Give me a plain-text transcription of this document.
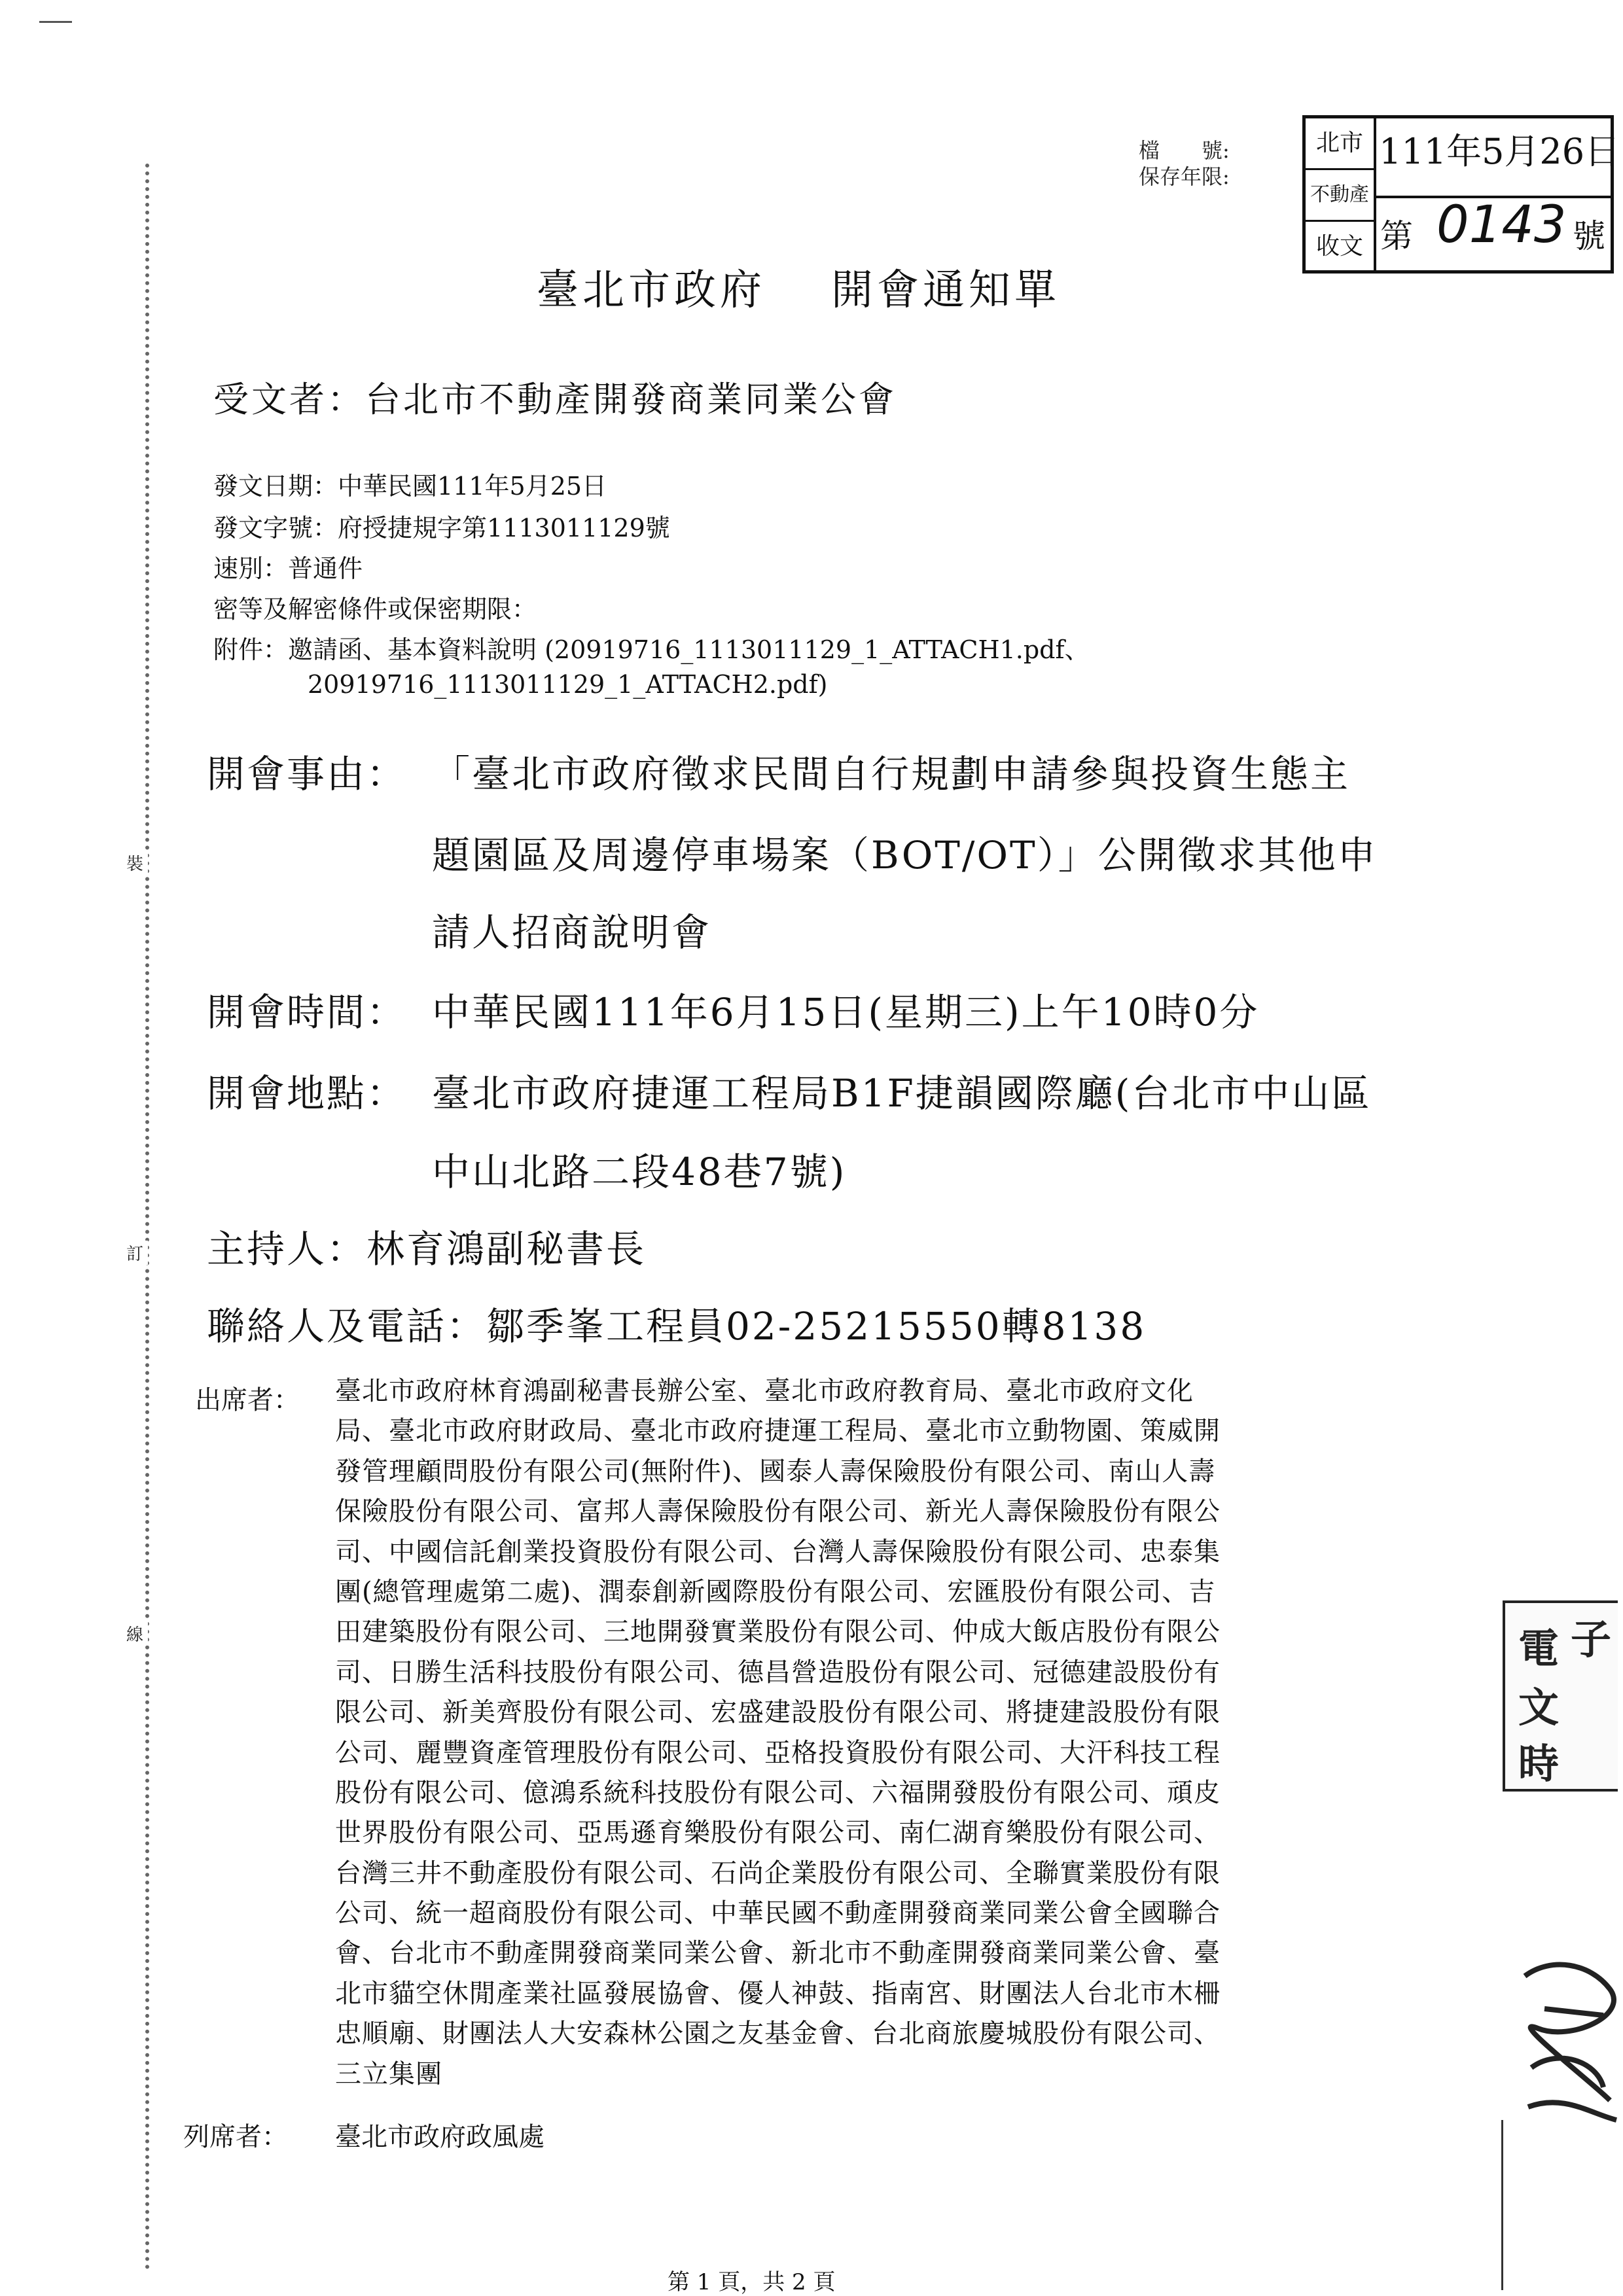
裝
訂
線
檔　　號:
保存年限:
北市
不動產
收文
111年5月26日
第 0143 號
臺北市政府 開會通知單
受文者：台北市不動產開發商業同業公會
發文日期：中華民國111年5月25日
發文字號：府授捷規字第1113011129號
速別：普通件
密等及解密條件或保密期限：
附件：邀請函、基本資料說明 (20919716_1113011129_1_ATTACH1.pdf、
20919716_1113011129_1_ATTACH2.pdf)
開會事由： 「臺北市政府徵求民間自行規劃申請參與投資生態主
題園區及周邊停車場案（BOT/OT）」公開徵求其他申
請人招商說明會
開會時間： 中華民國111年6月15日(星期三)上午10時0分
開會地點： 臺北市政府捷運工程局B1F捷韻國際廳(台北市中山區
中山北路二段48巷7號)
主持人：林育鴻副秘書長
聯絡人及電話：鄒季峯工程員02-25215550轉8138
出席者： 臺北市政府林育鴻副秘書長辦公室、臺北市政府教育局、臺北市政府文化
局、臺北市政府財政局、臺北市政府捷運工程局、臺北市立動物園、策威開
發管理顧問股份有限公司(無附件)、國泰人壽保險股份有限公司、南山人壽
保險股份有限公司、富邦人壽保險股份有限公司、新光人壽保險股份有限公
司、中國信託創業投資股份有限公司、台灣人壽保險股份有限公司、忠泰集
團(總管理處第二處)、潤泰創新國際股份有限公司、宏匯股份有限公司、吉
田建築股份有限公司、三地開發實業股份有限公司、仲成大飯店股份有限公
司、日勝生活科技股份有限公司、德昌營造股份有限公司、冠德建設股份有
限公司、新美齊股份有限公司、宏盛建設股份有限公司、將捷建設股份有限
公司、麗豐資產管理股份有限公司、亞格投資股份有限公司、大汗科技工程
股份有限公司、億鴻系統科技股份有限公司、六福開發股份有限公司、頑皮
世界股份有限公司、亞馬遜育樂股份有限公司、南仁湖育樂股份有限公司、
台灣三井不動產股份有限公司、石尚企業股份有限公司、全聯實業股份有限
公司、統一超商股份有限公司、中華民國不動產開發商業同業公會全國聯合
會、台北市不動產開發商業同業公會、新北市不動產開發商業同業公會、臺
北市貓空休閒產業社區發展協會、優人神鼓、指南宮、財團法人台北市木柵
忠順廟、財團法人大安森林公園之友基金會、台北商旅慶城股份有限公司、
三立集團
列席者： 臺北市政府政風處
電 子
文
時
第 1 頁，共 2 頁
